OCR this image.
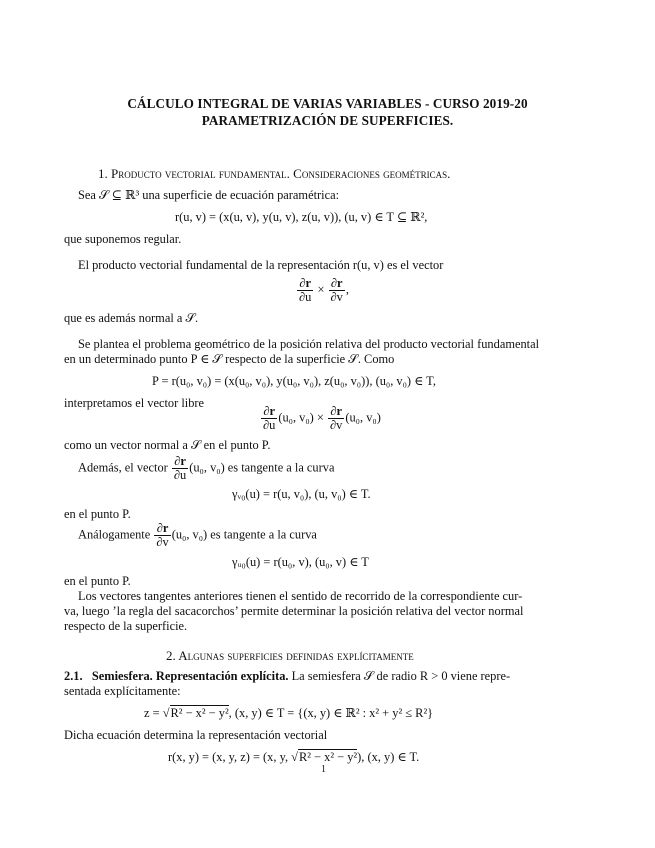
CÁLCULO INTEGRAL DE VARIAS VARIABLES - CURSO 2019-20
PARAMETRIZACIÓN DE SUPERFICIES.
1. Producto vectorial fundamental. Consideraciones geométricas.
Sea 𝒮 ⊆ ℝ³ una superficie de ecuación paramétrica:
r(u, v) = (x(u, v), y(u, v), z(u, v)), (u, v) ∈ T ⊆ ℝ²,
que suponemos regular.
El producto vectorial fundamental de la representación r(u, v) es el vector
$\frac{\partial r}{\partial u} \times \frac{\partial r}{\partial v}$ ,
que es además normal a 𝒮.
Se plantea el problema geométrico de la posición relativa del producto vectorial fundamental
en un determinado punto P ∈ 𝒮 respecto de la superficie 𝒮. Como
P = r(u₀, v₀) = (x(u₀, v₀), y(u₀, v₀), z(u₀, v₀)), (u₀, v₀) ∈ T,
interpretamos el vector libre
$\frac{\partial r}{\partial u} (u_0$, $v_0) \times \frac{\partial r}{\partial v} (u_0$, v₀)
como un vector normal a 𝒮 en el punto P.
Además, el vector $\frac{\partial r}{\partial u} (u_0$, v₀) es tangente a la curva
γᵥ₀(u) = r(u, v₀), (u, v₀) ∈ T.
en el punto P.
Análogamente $\frac{\partial r}{\partial v} (u_0$, v₀) es tangente a la curva
γᵤ₀(u) = r(u₀, v), (u₀, v) ∈ T
en el punto P.
Los vectores tangentes anteriores tienen el sentido de recorrido de la correspondiente cur-
va, luego ’la regla del sacacorchos’ permite determinar la posición relativa del vector normal
respecto de la superficie.
2. Algunas superficies definidas explícitamente
2.1. Semiesfera. Representación explícita. La semiesfera 𝒮 de radio R > 0 viene repre-
sentada explícitamente:
z = √R² − x² − y², (x, y) ∈ T = {(x, y) ∈ ℝ² : x² + y² ≤ R²}
Dicha ecuación determina la representación vectorial
r(x, y) = (x, y, z) = (x, y, √R² − x² − y²), (x, y) ∈ T.
1
